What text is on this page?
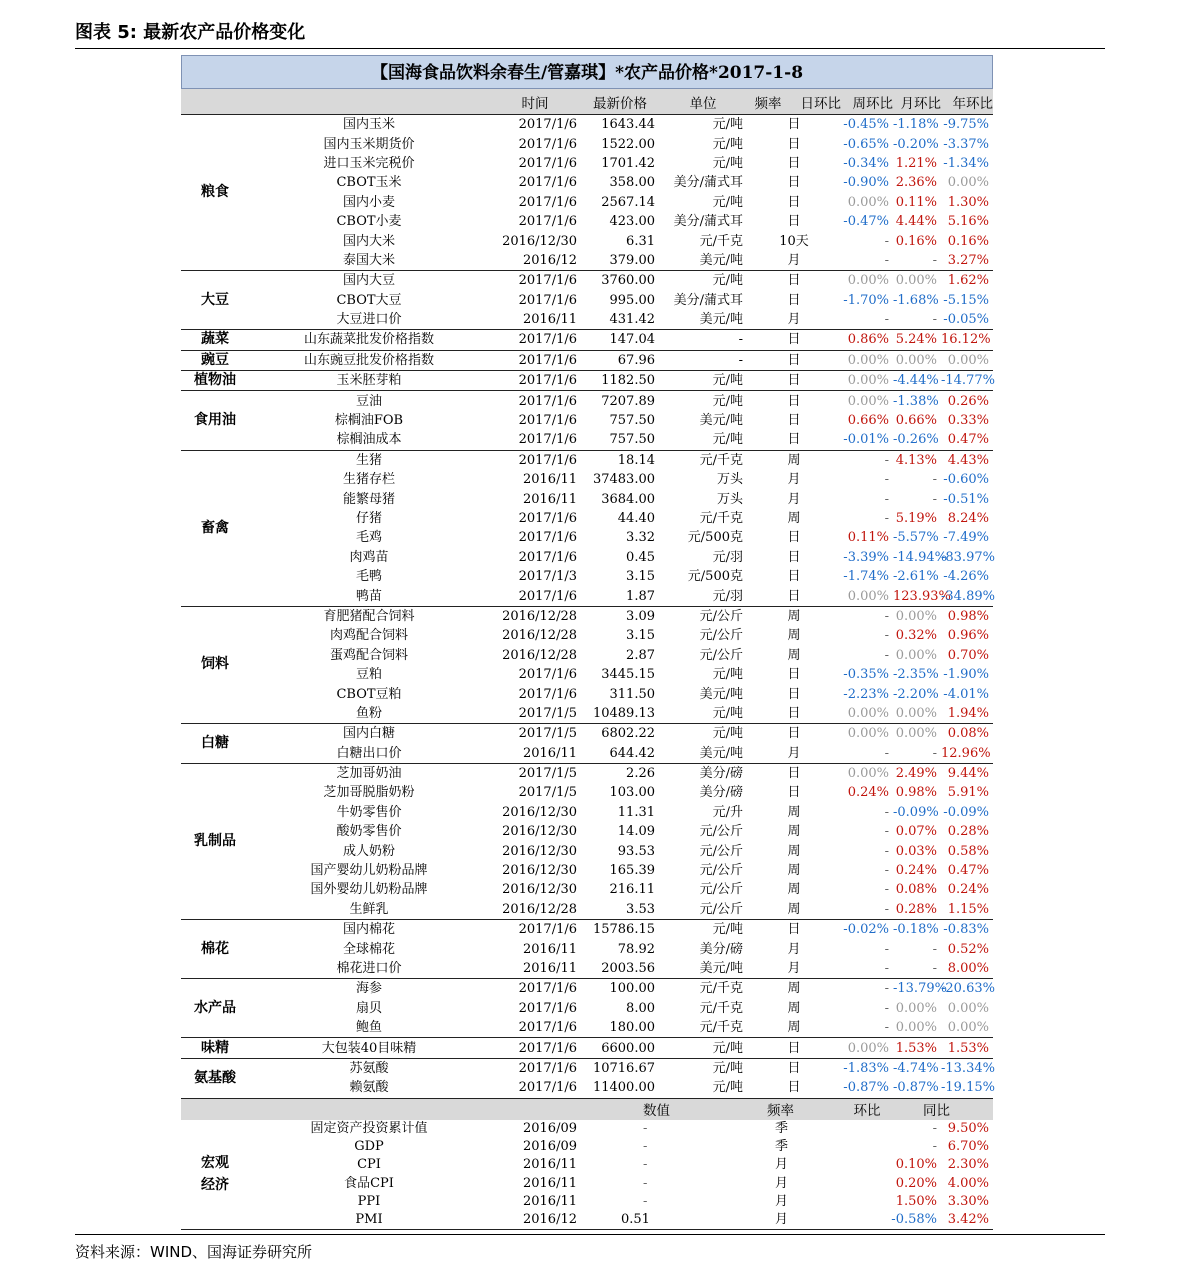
图表 5: 最新农产品价格变化
【国海食品饮料余春生/管嘉琪】*农产品价格*2017-1-8
		时间	最新价格	单位	频率	日环比	周环比	月环比	年环比	
粮食	国内玉米	2017/1/6	1643.44	元/吨	日		-0.45%	-1.18%	-9.75%	
	国内玉米期货价	2017/1/6	1522.00	元/吨	日		-0.65%	-0.20%	-3.37%	
	进口玉米完税价	2017/1/6	1701.42	元/吨	日		-0.34%	1.21%	-1.34%	
	CBOT玉米	2017/1/6	358.00	美分/蒲式耳	日		-0.90%	2.36%	0.00%	
	国内小麦	2017/1/6	2567.14	元/吨	日		0.00%	0.11%	1.30%	
	CBOT小麦	2017/1/6	423.00	美分/蒲式耳	日		-0.47%	4.44%	5.16%	
	国内大米	2016/12/30	6.31	元/千克	10天		-	0.16%	0.16%	
	泰国大米	2016/12	379.00	美元/吨	月		-	-	3.27%	
大豆	国内大豆	2017/1/6	3760.00	元/吨	日		0.00%	0.00%	1.62%	
	CBOT大豆	2017/1/6	995.00	美分/蒲式耳	日		-1.70%	-1.68%	-5.15%	
	大豆进口价	2016/11	431.42	美元/吨	月		-	-	-0.05%	
蔬菜	山东蔬菜批发价格指数	2017/1/6	147.04	-	日		0.86%	5.24%	16.12%	
豌豆	山东豌豆批发价格指数	2017/1/6	67.96	-	日		0.00%	0.00%	0.00%	
植物油	玉米胚芽粕	2017/1/6	1182.50	元/吨	日		0.00%	-4.44%	-14.77%	
食用油	豆油	2017/1/6	7207.89	元/吨	日		0.00%	-1.38%	0.26%	
	棕榈油FOB	2017/1/6	757.50	美元/吨	日		0.66%	0.66%	0.33%	
	棕榈油成本	2017/1/6	757.50	元/吨	日		-0.01%	-0.26%	0.47%	
畜禽	生猪	2017/1/6	18.14	元/千克	周		-	4.13%	4.43%	
	生猪存栏	2016/11	37483.00	万头	月		-	-	-0.60%	
	能繁母猪	2016/11	3684.00	万头	月		-	-	-0.51%	
	仔猪	2017/1/6	44.40	元/千克	周		-	5.19%	8.24%	
	毛鸡	2017/1/6	3.32	元/500克	日		0.11%	-5.57%	-7.49%	
	肉鸡苗	2017/1/6	0.45	元/羽	日		-3.39%	-14.94%	-83.97%	
	毛鸭	2017/1/3	3.15	元/500克	日		-1.74%	-2.61%	-4.26%	
	鸭苗	2017/1/6	1.87	元/羽	日		0.00%	123.93%	-34.89%	
饲料	育肥猪配合饲料	2016/12/28	3.09	元/公斤	周		-	0.00%	0.98%	
	肉鸡配合饲料	2016/12/28	3.15	元/公斤	周		-	0.32%	0.96%	
	蛋鸡配合饲料	2016/12/28	2.87	元/公斤	周		-	0.00%	0.70%	
	豆粕	2017/1/6	3445.15	元/吨	日		-0.35%	-2.35%	-1.90%	
	CBOT豆粕	2017/1/6	311.50	美元/吨	日		-2.23%	-2.20%	-4.01%	
	鱼粉	2017/1/5	10489.13	元/吨	日		0.00%	0.00%	1.94%	
白糖	国内白糖	2017/1/5	6802.22	元/吨	日		0.00%	0.00%	0.08%	
	白糖出口价	2016/11	644.42	美元/吨	月		-	-	12.96%	
乳制品	芝加哥奶油	2017/1/5	2.26	美分/磅	日		0.00%	2.49%	9.44%	
	芝加哥脱脂奶粉	2017/1/5	103.00	美分/磅	日		0.24%	0.98%	5.91%	
	牛奶零售价	2016/12/30	11.31	元/升	周		-	-0.09%	-0.09%	
	酸奶零售价	2016/12/30	14.09	元/公斤	周		-	0.07%	0.28%	
	成人奶粉	2016/12/30	93.53	元/公斤	周		-	0.03%	0.58%	
	国产婴幼儿奶粉品牌	2016/12/30	165.39	元/公斤	周		-	0.24%	0.47%	
	国外婴幼儿奶粉品牌	2016/12/30	216.11	元/公斤	周		-	0.08%	0.24%	
	生鲜乳	2016/12/28	3.53	元/公斤	周		-	0.28%	1.15%	
棉花	国内棉花	2017/1/6	15786.15	元/吨	日		-0.02%	-0.18%	-0.83%	
	全球棉花	2016/11	78.92	美分/磅	月		-	-	0.52%	
	棉花进口价	2016/11	2003.56	美元/吨	月		-	-	8.00%	
水产品	海参	2017/1/6	100.00	元/千克	周		-	-13.79%	-20.63%	
	扇贝	2017/1/6	8.00	元/千克	周		-	0.00%	0.00%	
	鲍鱼	2017/1/6	180.00	元/千克	周		-	0.00%	0.00%	
味精	大包装40目味精	2017/1/6	6600.00	元/吨	日		0.00%	1.53%	1.53%	
氨基酸	苏氨酸	2017/1/6	10716.67	元/吨	日		-1.83%	-4.74%	-13.34%	
	赖氨酸	2017/1/6	11400.00	元/吨	日		-0.87%	-0.87%	-19.15%	
			数值		频率		环比	同比		
宏观
经济	固定资产投资累计值	2016/09	-		季		-		9.50%	
	GDP	2016/09	-		季		-		6.70%	
	CPI	2016/11	-		月		0.10%		2.30%	
	食品CPI	2016/11	-		月		0.20%		4.00%	
	PPI	2016/11	-		月		1.50%		3.30%	
	PMI	2016/12	0.51		月		-0.58%		3.42%	
资料来源：WIND、国海证券研究所
